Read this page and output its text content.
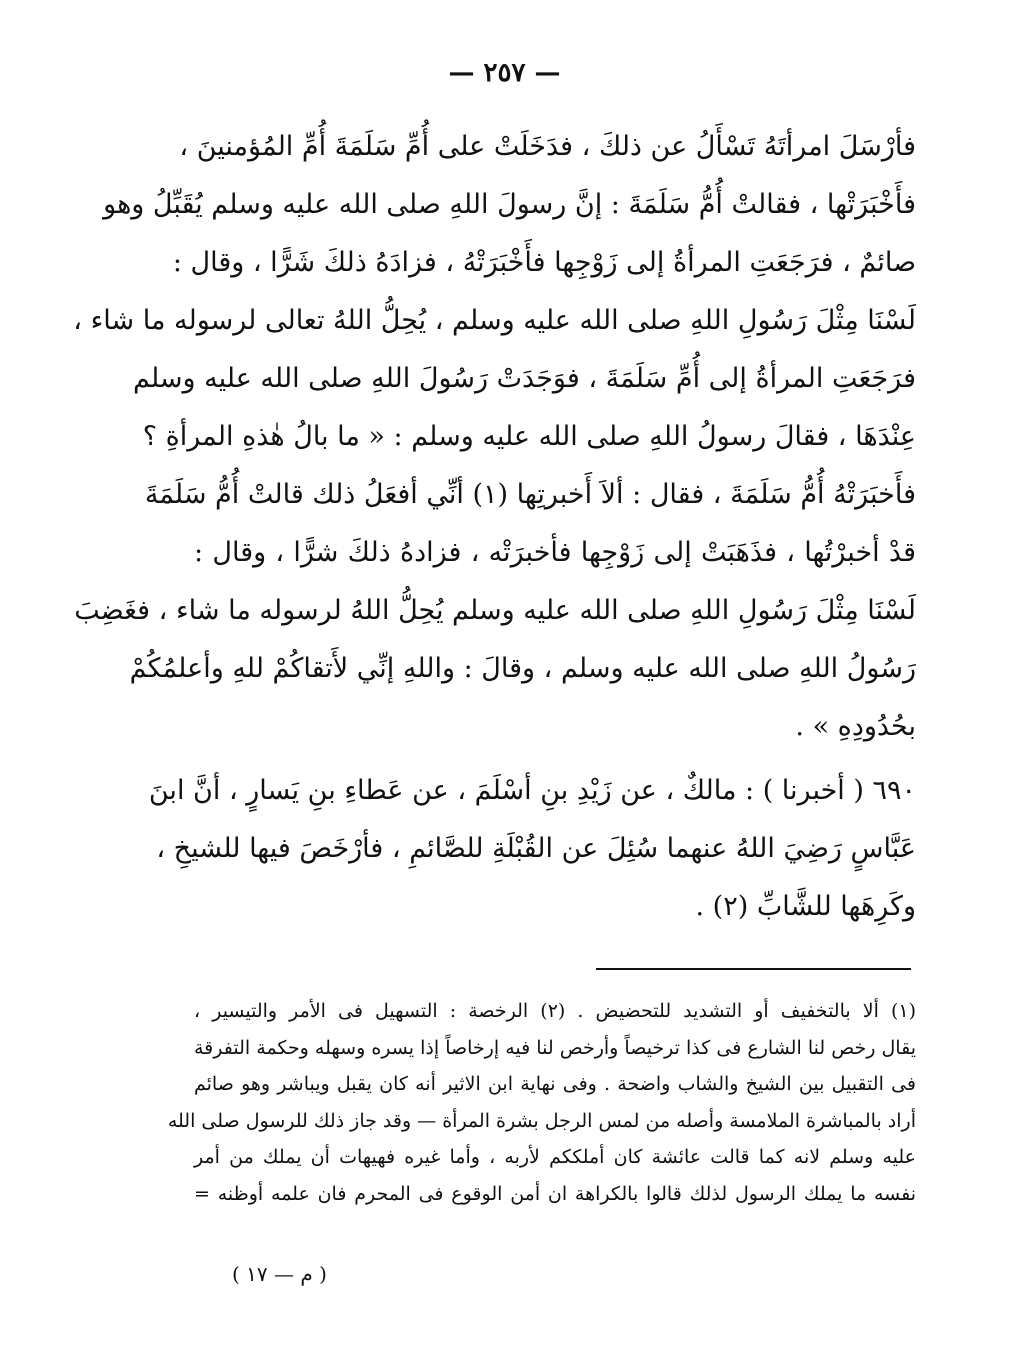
— ٢٥٧ —
فأرْسَلَ امرأتَهُ تَسْأَلُ عن ذلكَ ، فدَخَلَتْ على أُمِّ سَلَمَةَ أُمِّ المُؤمنينَ ،
فأَخْبَرَتْها ، فقالتْ أُمُّ سَلَمَةَ : إنَّ رسولَ اللهِ صلى الله عليه وسلم يُقَبِّلُ وهو
صائمٌ ، فرَجَعَتِ المرأةُ إلى زَوْجِها فأَخْبَرَتْهُ ، فزادَهُ ذلكَ شَرًّا ، وقال :
لَسْنَا مِثْلَ رَسُولِ اللهِ صلى الله عليه وسلم ، يُحِلُّ اللهُ تعالى لرسوله ما شاء ،
فرَجَعَتِ المرأةُ إلى أُمِّ سَلَمَةَ ، فوَجَدَتْ رَسُولَ اللهِ صلى الله عليه وسلم
عِنْدَهَا ، فقالَ رسولُ اللهِ صلى الله عليه وسلم : « ما بالُ هٰذهِ المرأةِ ؟
فأَخبَرَتْهُ أُمُّ سَلَمَةَ ، فقال : ألاَ أَخبرتِها (١) أنِّي أفعَلُ ذلك قالتْ أُمُّ سَلَمَةَ
قدْ أخبرْتُها ، فذَهَبَتْ إلى زَوْجِها فأخبرَتْه ، فزادهُ ذلكَ شرًّا ، وقال :
لَسْنَا مِثْلَ رَسُولِ اللهِ صلى الله عليه وسلم يُحِلُّ اللهُ لرسوله ما شاء ، فغَضِبَ
رَسُولُ اللهِ صلى الله عليه وسلم ، وقالَ : واللهِ إنِّي لأَتقاكُمْ للهِ وأعلمُكُمْ
بحُدُودِهِ » .
٦٩٠ ( أخبرنا ) : مالكٌ ، عن زَيْدِ بنِ أسْلَمَ ، عن عَطاءِ بنِ يَسارٍ ، أنَّ ابنَ
عَبَّاسٍ رَضِيَ اللهُ عنهما سُئِلَ عن القُبْلَةِ للصَّائمِ ، فأرْخَصَ فيها للشيخِ ،
وكَرِهَها للشَّابِّ (٢) .
(١) ألا بالتخفيف أو التشديد للتحضيض . (٢) الرخصة : التسهيل فى الأمر والتيسير ،
يقال رخص لنا الشارع فى كذا ترخيصاً وأرخص لنا فيه إرخاصاً إذا يسره وسهله وحكمة التفرقة
فى التقبيل بين الشيخ والشاب واضحة . وفى نهاية ابن الاثير أنه كان يقبل ويباشر وهو صائم
أراد بالمباشرة الملامسة وأصله من لمس الرجل بشرة المرأة — وقد جاز ذلك للرسول صلى الله
عليه وسلم لانه كما قالت عائشة كان أملككم لأربه ، وأما غيره فهيهات أن يملك من أمر
نفسه ما يملك الرسول لذلك قالوا بالكراهة ان أمن الوقوع فى المحرم فان علمه أوظنه =
( م — ١٧ )
